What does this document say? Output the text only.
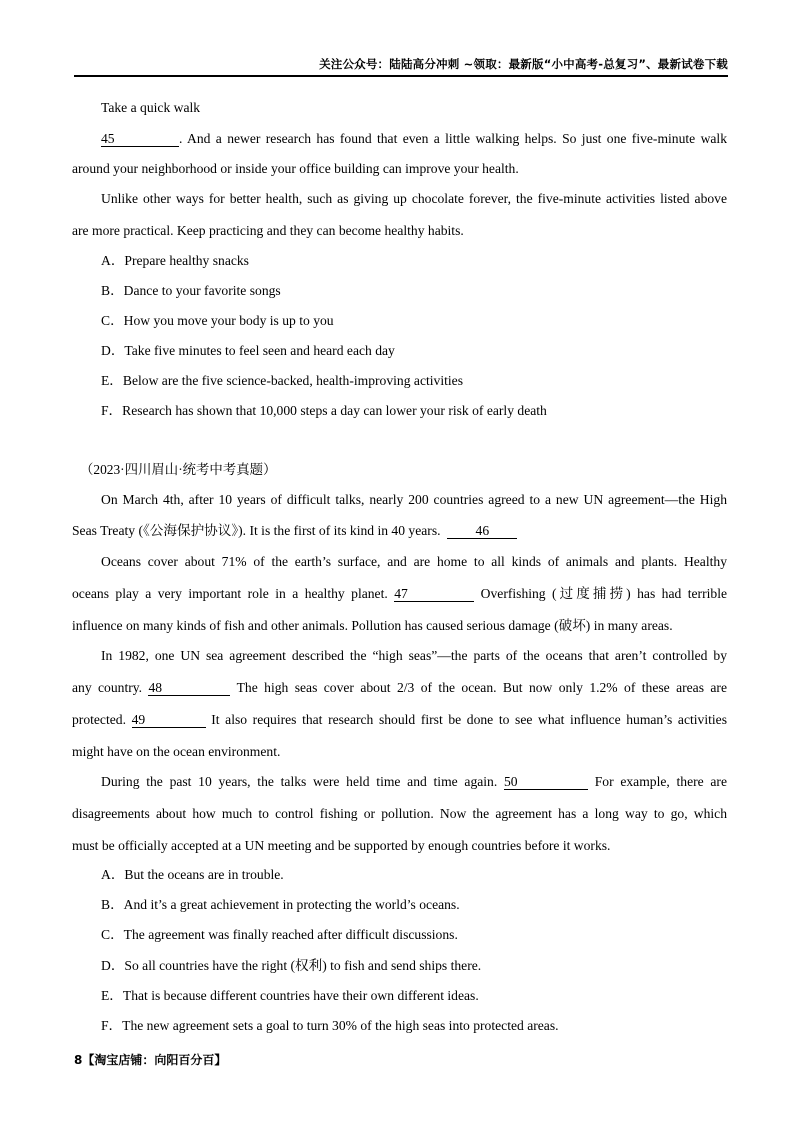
关注公众号：陆陆高分冲刺 ~领取：最新版“小中高考-总复习”、最新试卷下载
Take a quick walk
45	. And a newer research has found that even a little walking helps. So just one five-minute walk
around your neighborhood or inside your office building can improve your health.
Unlike other ways for better health, such as giving up chocolate forever, the five-minute activities listed above
are more practical. Keep practicing and they can become healthy habits.
A．Prepare healthy snacks
B．Dance to your favorite songs
C．How you move your body is up to you
D．Take five minutes to feel seen and heard each day
E．Below are the five science-backed, health-improving activities
F．Research has shown that 10,000 steps a day can lower your risk of early death
（2023·四川眉山·统考中考真题）
On March 4th, after 10 years of difficult talks, nearly 200 countries agreed to a new UN agreement—the High
Seas Treaty (《公海保护协议》). It is the first of its kind in 40 years.	46
Oceans cover about 71% of the earth’s surface, and are home to all kinds of animals and plants. Healthy
oceans play a very important role in a healthy planet. 47	Overfishing (过度捕捞) has had terrible
influence on many kinds of fish and other animals. Pollution has caused serious damage (破坏) in many areas.
In 1982, one UN sea agreement described the “high seas”—the parts of the oceans that aren’t controlled by
any country. 48	The high seas cover about 2/3 of the ocean. But now only 1.2% of these areas are
protected. 49	It also requires that research should first be done to see what influence human’s activities
might have on the ocean environment.
During the past 10 years, the talks were held time and time again. 50	For example, there are
disagreements about how much to control fishing or pollution. Now the agreement has a long way to go, which
must be officially accepted at a UN meeting and be supported by enough countries before it works.
A．But the oceans are in trouble.
B．And it’s a great achievement in protecting the world’s oceans.
C．The agreement was finally reached after difficult discussions.
D．So all countries have the right (权利) to fish and send ships there.
E．That is because different countries have their own different ideas.
F．The new agreement sets a goal to turn 30% of the high seas into protected areas.
8【淘宝店铺：向阳百分百】
